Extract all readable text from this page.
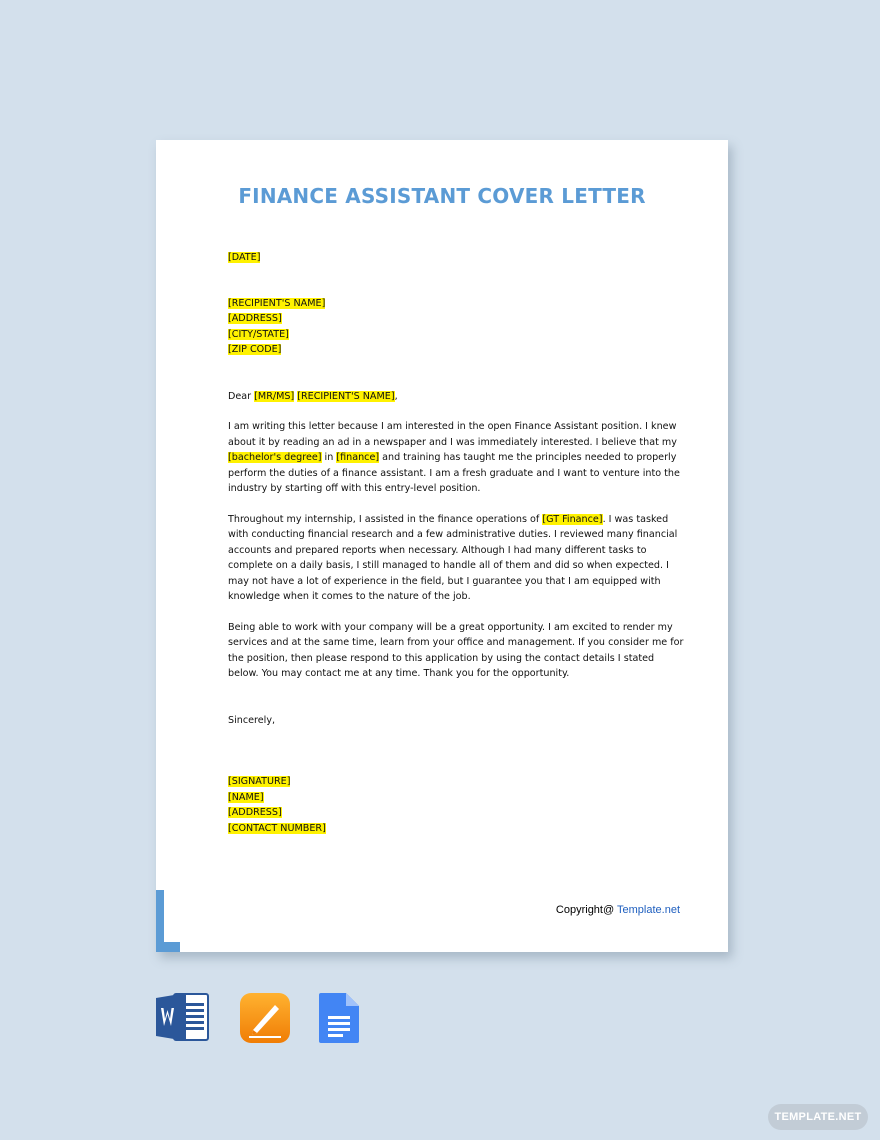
FINANCE ASSISTANT COVER LETTER

[DATE]

[RECIPIENT'S NAME]
[ADDRESS]
[CITY/STATE]
[ZIP CODE]

Dear [MR/MS] [RECIPIENT'S NAME],

I am writing this letter because I am interested in the open Finance Assistant position. I knew about it by reading an ad in a newspaper and I was immediately interested. I believe that my [bachelor's degree] in [finance] and training has taught me the principles needed to properly perform the duties of a finance assistant. I am a fresh graduate and I want to venture into the industry by starting off with this entry-level position.

Throughout my internship, I assisted in the finance operations of [GT Finance]. I was tasked with conducting financial research and a few administrative duties. I reviewed many financial accounts and prepared reports when necessary. Although I had many different tasks to complete on a daily basis, I still managed to handle all of them and did so when expected. I may not have a lot of experience in the field, but I guarantee you that I am equipped with knowledge when it comes to the nature of the job.

Being able to work with your company will be a great opportunity. I am excited to render my services and at the same time, learn from your office and management. If you consider me for the position, then please respond to this application by using the contact details I stated below. You may contact me at any time. Thank you for the opportunity.

Sincerely,

[SIGNATURE]
[NAME]
[ADDRESS]
[CONTACT NUMBER]

Copyright@ Template.net
TEMPLATE.NET
